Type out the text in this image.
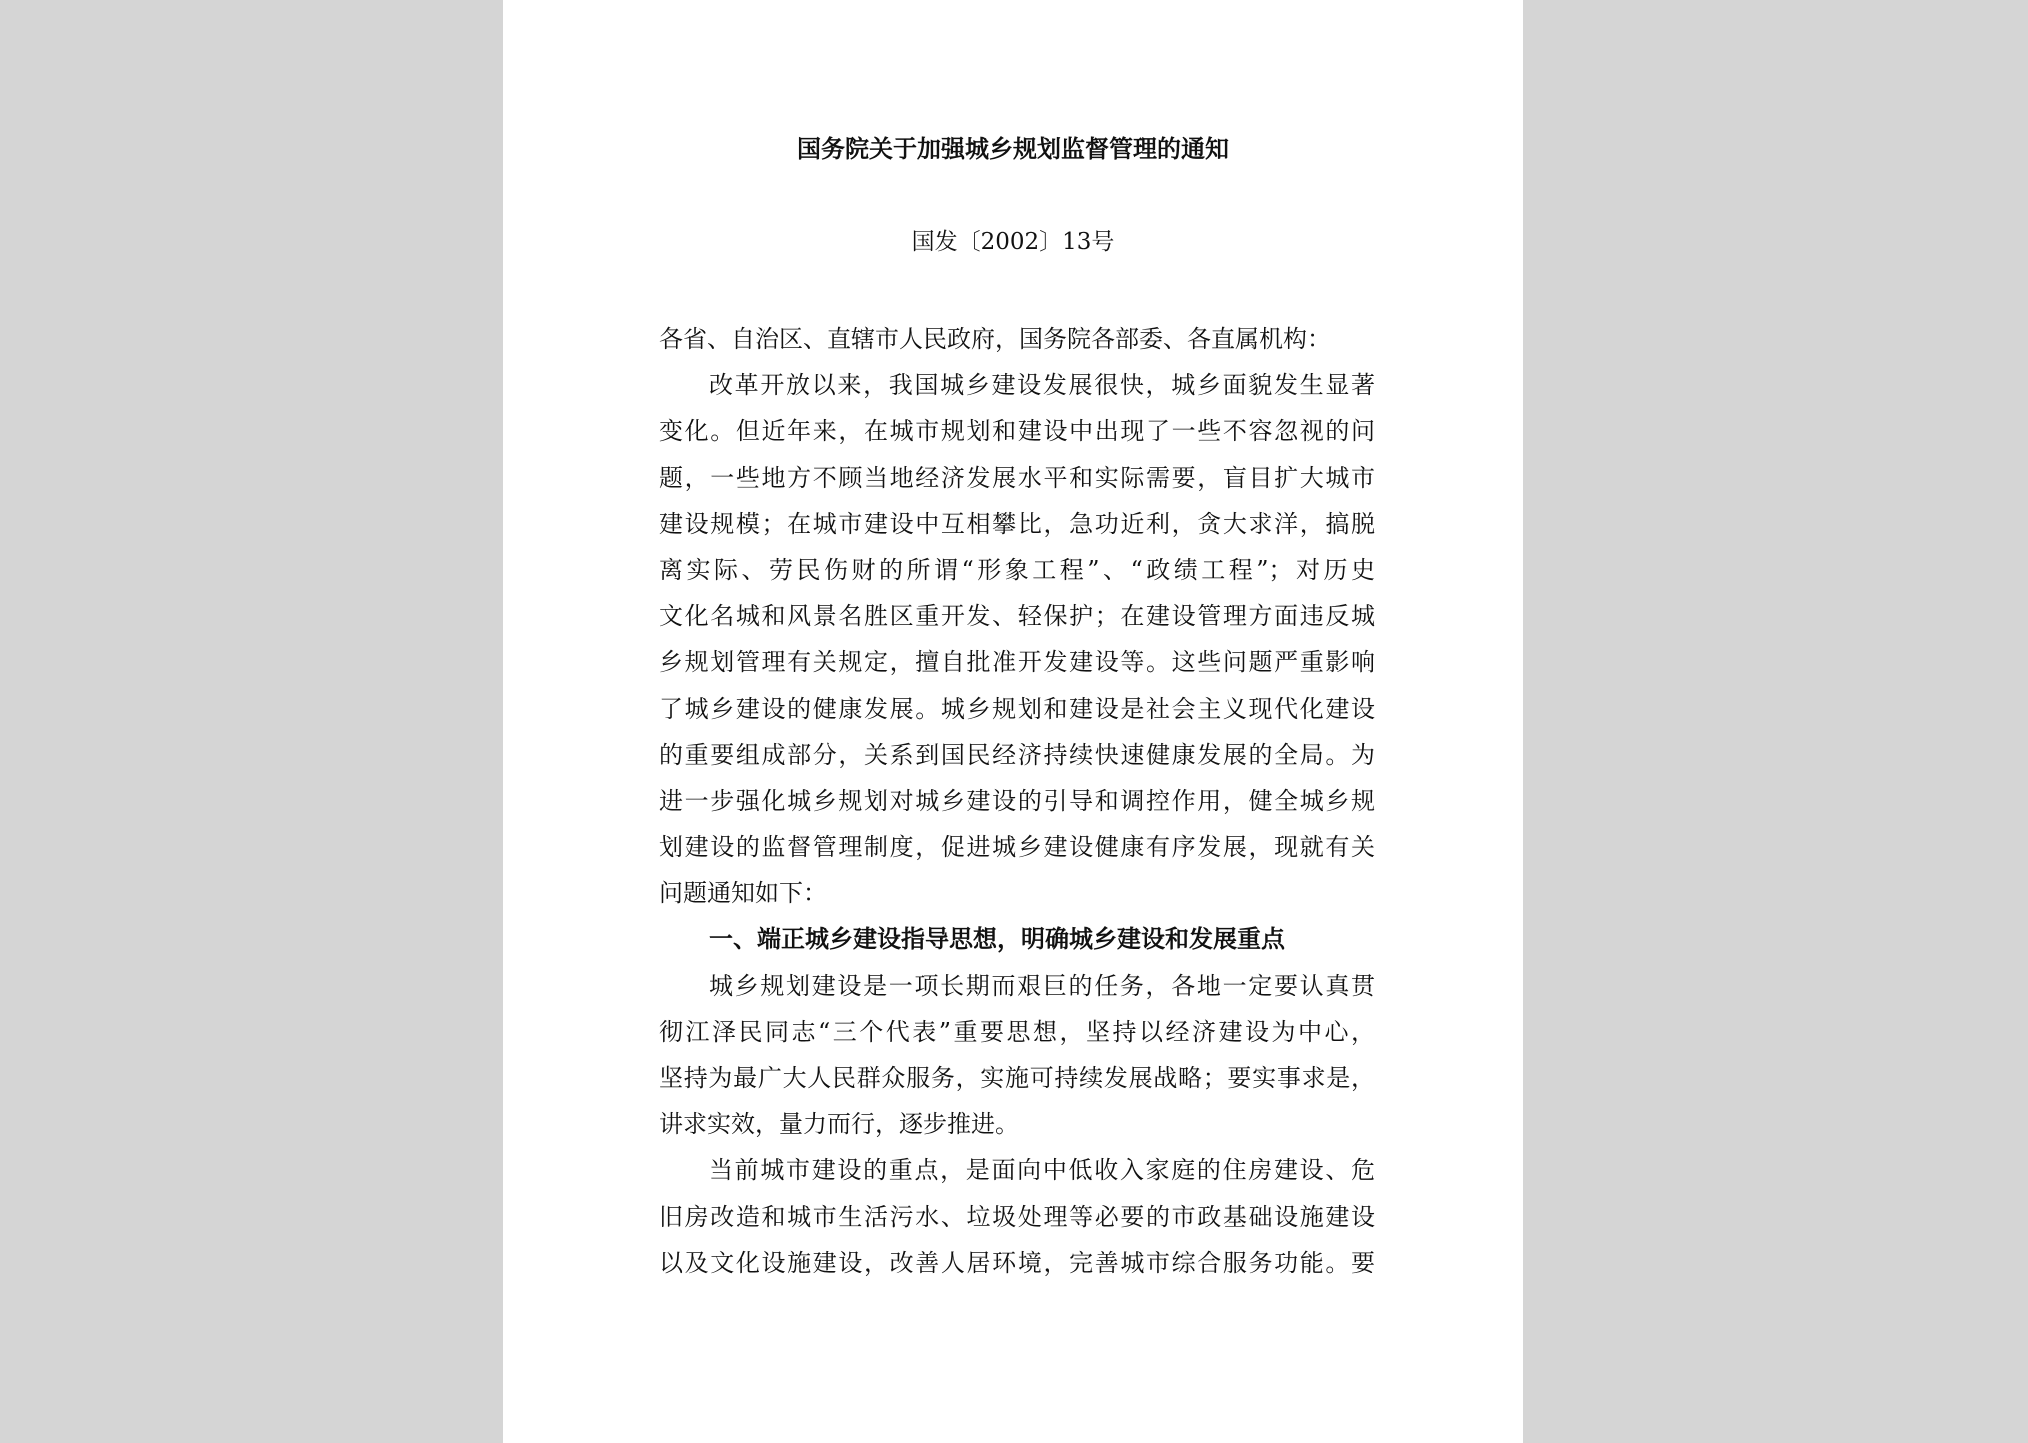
国务院关于加强城乡规划监督管理的通知
国发〔2002〕13号
各省、自治区、直辖市人民政府，国务院各部委、各直属机构：
改革开放以来，我国城乡建设发展很快，城乡面貌发生显著
变化。但近年来，在城市规划和建设中出现了一些不容忽视的问
题，一些地方不顾当地经济发展水平和实际需要，盲目扩大城市
建设规模；在城市建设中互相攀比，急功近利，贪大求洋，搞脱
离实际、劳民伤财的所谓“形象工程”、“政绩工程”；对历史
文化名城和风景名胜区重开发、轻保护；在建设管理方面违反城
乡规划管理有关规定，擅自批准开发建设等。这些问题严重影响
了城乡建设的健康发展。城乡规划和建设是社会主义现代化建设
的重要组成部分，关系到国民经济持续快速健康发展的全局。为
进一步强化城乡规划对城乡建设的引导和调控作用，健全城乡规
划建设的监督管理制度，促进城乡建设健康有序发展，现就有关
问题通知如下：
一、端正城乡建设指导思想，明确城乡建设和发展重点
城乡规划建设是一项长期而艰巨的任务，各地一定要认真贯
彻江泽民同志“三个代表”重要思想，坚持以经济建设为中心，
坚持为最广大人民群众服务，实施可持续发展战略；要实事求是，
讲求实效，量力而行，逐步推进。
当前城市建设的重点，是面向中低收入家庭的住房建设、危
旧房改造和城市生活污水、垃圾处理等必要的市政基础设施建设
以及文化设施建设，改善人居环境，完善城市综合服务功能。要
